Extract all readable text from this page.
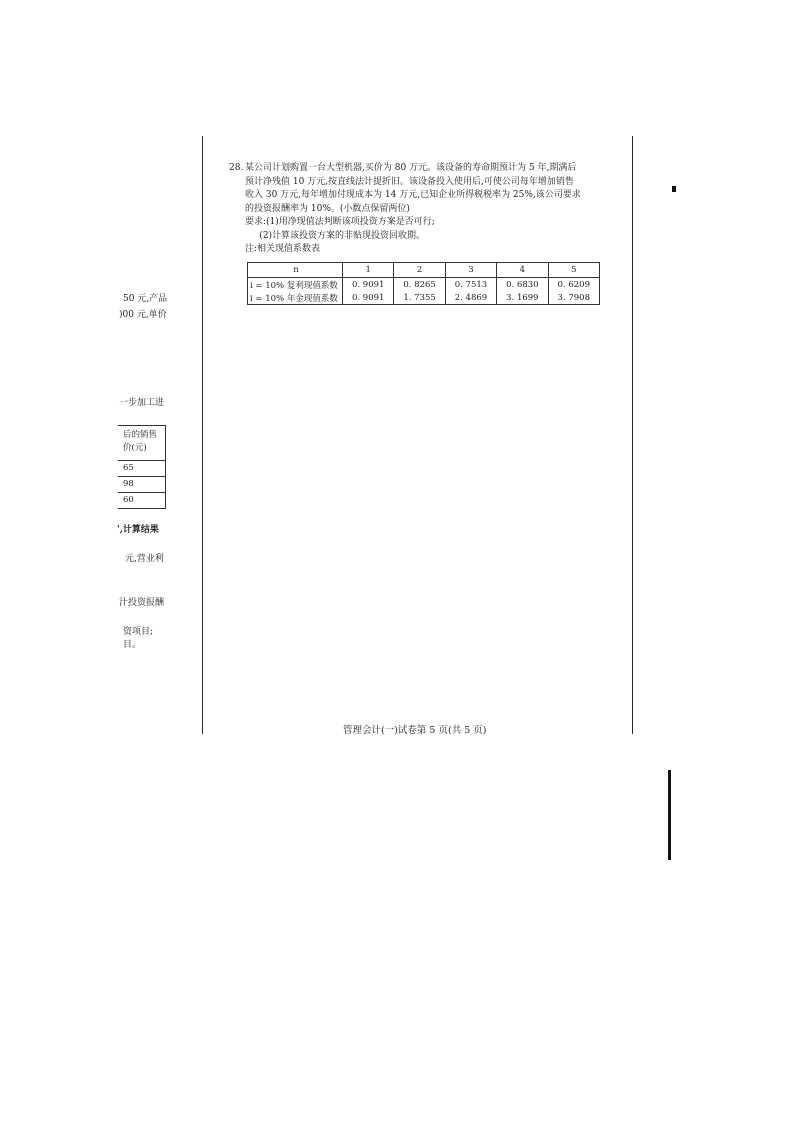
50 元,产品
)00 元,单价
一步加工进
后的销售
价(元)
65
98
60
',计算结果
元,营业利
汁投资报酬
资项目;
目。
28. 某公司计划购置一台大型机器,买价为 80 万元。该设备的寿命期预计为 5 年,期满后
预计净残值 10 万元,按直线法计提折旧。该设备投入使用后,可使公司每年增加销售
收入 30 万元,每年增加付现成本为 14 万元,已知企业所得税税率为 25%,该公司要求
的投资报酬率为 10%。(小数点保留两位)
要求:(1)用净现值法判断该项投资方案是否可行;
(2)计算该投资方案的非贴现投资回收期。
注:相关现值系数表
n	1	2	3	4	5
i = 10% 复利现值系数	0. 9091	0. 8265	0. 7513	0. 6830	0. 6209
i = 10% 年金现值系数	0. 9091	1. 7355	2. 4869	3. 1699	3. 7908
管理会计(一)试卷第 5 页(共 5 页)
